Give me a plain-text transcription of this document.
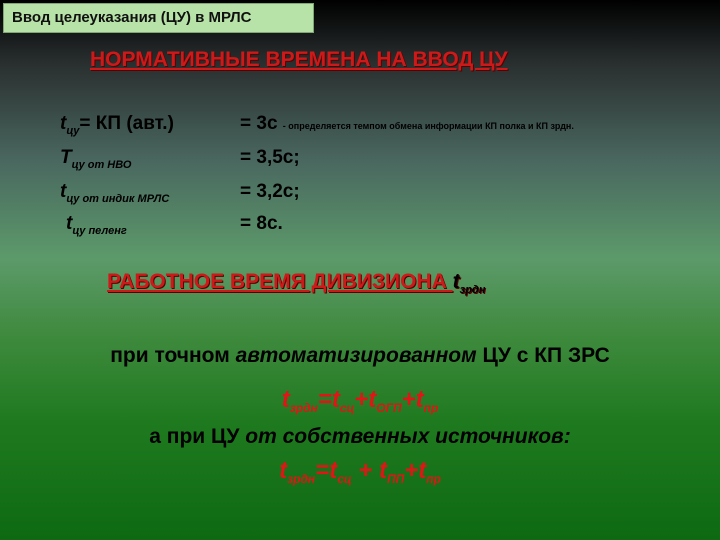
Ввод целеуказания (ЦУ) в МРЛС
НОРМАТИВНЫЕ ВРЕМЕНА НА ВВОД ЦУ
$t_{цу}=$ КП (авт.)	= 3с - определяется темпом обмена информации КП полка и КП зрдн.
$T_{цу от НВО}$	= 3,5с;
$t_{цу от индик МРЛС}$	= 3,2с;
$t_{цу пеленг}$	= 8с.
РАБОТНОЕ ВРЕМЯ ДИВИЗИОНА $t_{зрдн}$
при точном автоматизированном ЦУ с КП ЗРС
$t_{зрдн}=t_{сц}+t_{ОГП}+t_{пр}$
а при ЦУ от собственных источников:
$t_{зрдн}=t_{сц} + t_{ПП}+t_{пр}$
